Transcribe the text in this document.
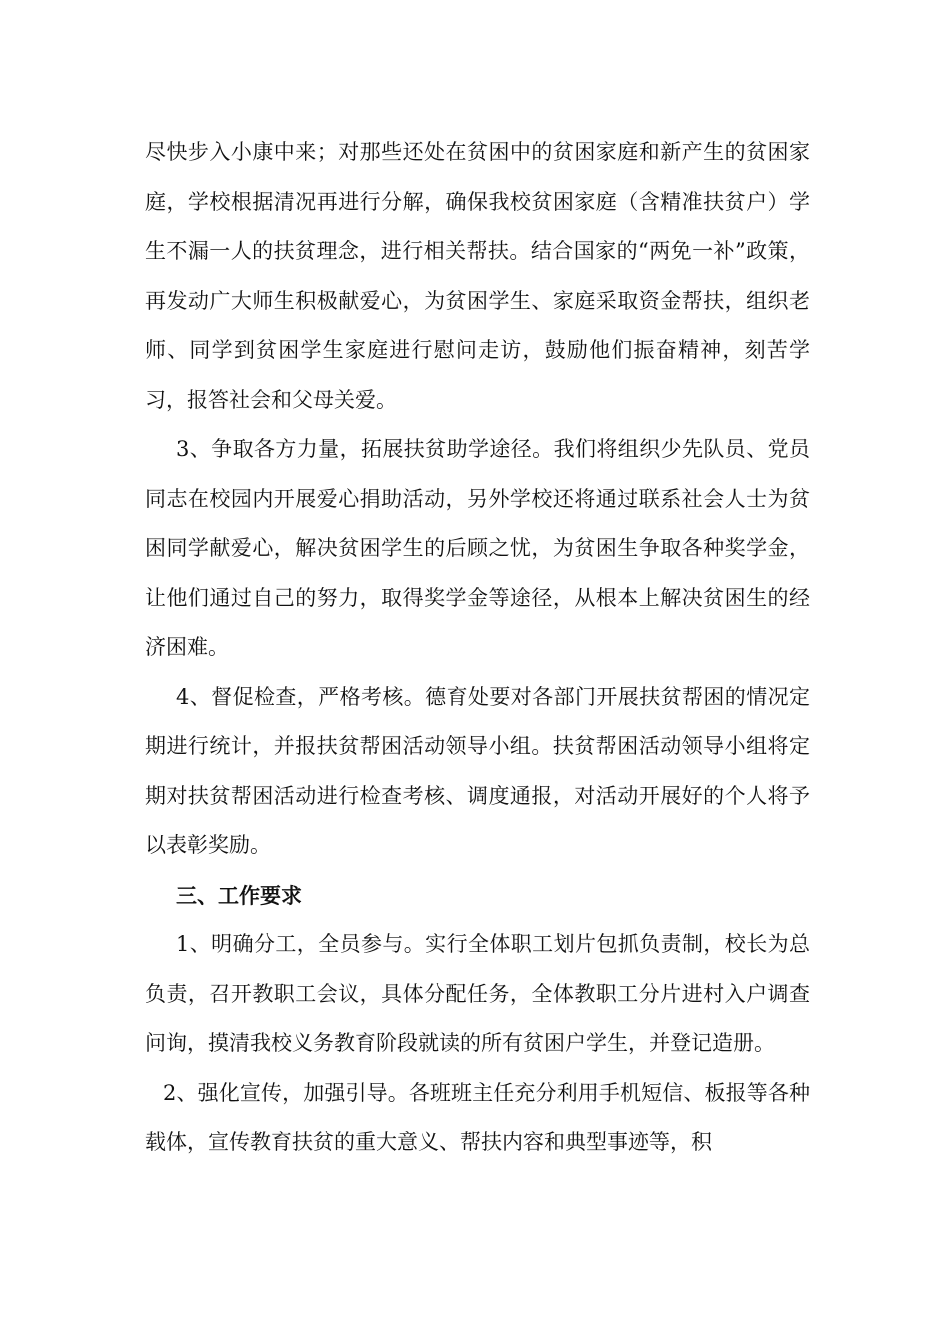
尽快步入小康中来；对那些还处在贫困中的贫困家庭和新产生的贫困家庭，学校根据清况再进行分解，确保我校贫困家庭（含精准扶贫户）学生不漏一人的扶贫理念，进行相关帮扶。结合国家的“两免一补”政策，再发动广大师生积极献爱心，为贫困学生、家庭采取资金帮扶，组织老师、同学到贫困学生家庭进行慰问走访，鼓励他们振奋精神，刻苦学习，报答社会和父母关爱。

3、争取各方力量，拓展扶贫助学途径。我们将组织少先队员、党员同志在校园内开展爱心捐助活动，另外学校还将通过联系社会人士为贫困同学献爱心，解决贫困学生的后顾之忧，为贫困生争取各种奖学金，让他们通过自己的努力，取得奖学金等途径，从根本上解决贫困生的经济困难。

4、督促检查，严格考核。德育处要对各部门开展扶贫帮困的情况定期进行统计，并报扶贫帮困活动领导小组。扶贫帮困活动领导小组将定期对扶贫帮困活动进行检查考核、调度通报，对活动开展好的个人将予以表彰奖励。

三、工作要求

1、明确分工，全员参与。实行全体职工划片包抓负责制，校长为总负责，召开教职工会议，具体分配任务，全体教职工分片进村入户调查问询，摸清我校义务教育阶段就读的所有贫困户学生，并登记造册。

2、强化宣传，加强引导。各班班主任充分利用手机短信、板报等各种载体，宣传教育扶贫的重大意义、帮扶内容和典型事迹等，积
